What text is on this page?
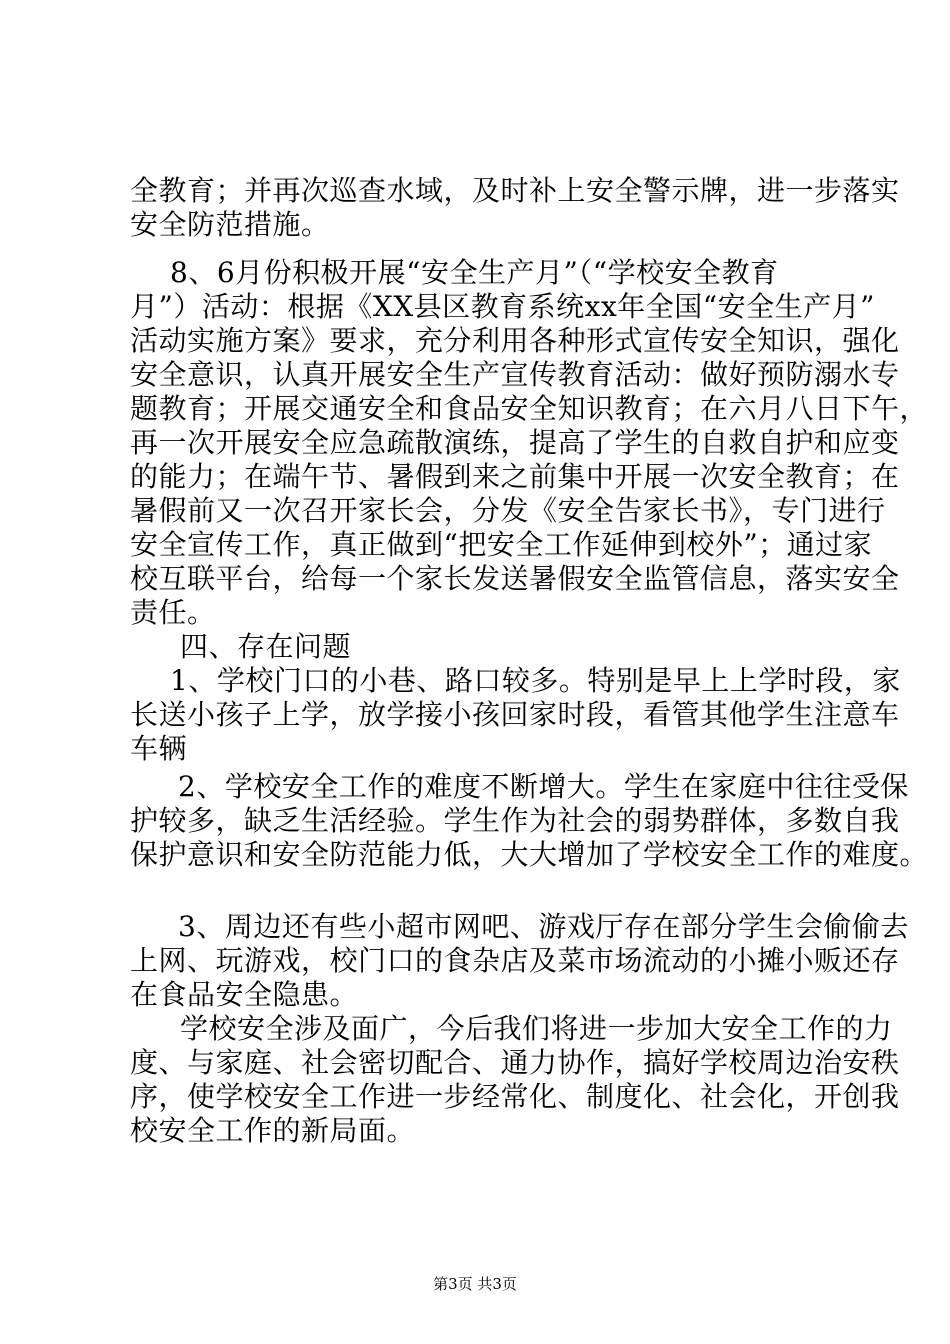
全教育；并再次巡查水域，及时补上安全警示牌，进一步落实
安全防范措施。
8、6月份积极开展“安全生产月”（“学校安全教育
月”）活动：根据《XX县区教育系统xx年全国“安全生产月”
活动实施方案》要求，充分利用各种形式宣传安全知识，强化
安全意识，认真开展安全生产宣传教育活动：做好预防溺水专
题教育；开展交通安全和食品安全知识教育；在六月八日下午，
再一次开展安全应急疏散演练，提高了学生的自救自护和应变
的能力；在端午节、暑假到来之前集中开展一次安全教育；在
暑假前又一次召开家长会，分发《安全告家长书》，专门进行
安全宣传工作，真正做到“把安全工作延伸到校外”；通过家
校互联平台，给每一个家长发送暑假安全监管信息，落实安全
责任。
四、存在问题
1、学校门口的小巷、路口较多。特别是早上上学时段，家
长送小孩子上学，放学接小孩回家时段，看管其他学生注意车
车辆
2、学校安全工作的难度不断增大。学生在家庭中往往受保
护较多，缺乏生活经验。学生作为社会的弱势群体，多数自我
保护意识和安全防范能力低，大大增加了学校安全工作的难度。
3、周边还有些小超市网吧、游戏厅存在部分学生会偷偷去
上网、玩游戏，校门口的食杂店及菜市场流动的小摊小贩还存
在食品安全隐患。
学校安全涉及面广，今后我们将进一步加大安全工作的力
度、与家庭、社会密切配合、通力协作，搞好学校周边治安秩
序，使学校安全工作进一步经常化、制度化、社会化，开创我
校安全工作的新局面。
第3页 共3页
